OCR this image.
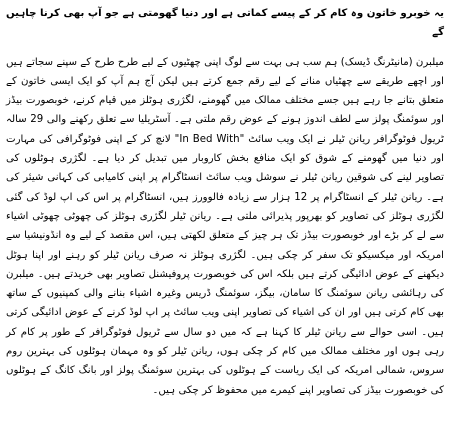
یہ خوبرو خاتون وہ کام کر کے پیسے کماتی ہے اور دنیا گھومتی ہے جو آپ بھی کرنا چاہیں گے

میلبرن (مانیٹرنگ ڈیسک) ہم سب ہی بہت سے لوگ اپنی چھٹیوں کے لیے طرح طرح کے سپنے سجاتے ہیں اور اچھے طریقے سے چھٹیاں منانے کے لیے رقم جمع کرتے ہیں لیکن آج ہم آپ کو ایک ایسی خاتون کے متعلق بتانے جا رہے ہیں جسے مختلف ممالک میں گھومنے، لگژری ہوٹلز میں قیام کرنے، خوبصورت بیڈز اور سوئمنگ پولز سے لطف اندوز ہونے کے عوض رقم ملتی ہے۔ آسٹریلیا سے تعلق رکھنے والی 29 سالہ ٹریول فوٹوگرافر ریانن ٹیلر نے ایک ویب سائٹ "In Bed With" لانچ کر کے اپنی فوٹوگرافی کی مہارت اور دنیا میں گھومنے کے شوق کو ایک منافع بخش کاروبار میں تبدیل کر دیا ہے۔ لگژری ہوٹلوں کی تصاویر لینے کی شوقین ریانن ٹیلر نے سوشل ویب سائٹ انسٹاگرام پر اپنی کامیابی کی کہانی شیئر کی ہے۔ ریانن ٹیلر کے انسٹاگرام پر 12 ہزار سے زیادہ فالوورز ہیں، انسٹاگرام پر اس کی اپ لوڈ کی گئی لگژری ہوٹلز کی تصاویر کو بھرپور پذیرائی ملتی ہے۔ ریانن ٹیلر لگژری ہوٹلز کی چھوٹی چھوٹی اشیاء سے لے کر بڑے اور خوبصورت بیڈز تک ہر چیز کے متعلق لکھتی ہیں، اس مقصد کے لیے وہ انڈونیشیا سے امریکہ اور میکسیکو تک سفر کر چکی ہیں۔ لگژری ہوٹلز نہ صرف ریانن ٹیلر کو رہنے اور اپنا ہوٹل دیکھنے کے عوض ادائیگی کرتے ہیں بلکہ اس کی خوبصورت پروفیشنل تصاویر بھی خریدتے ہیں۔ میلبرن کی رہائشی ریانن سوئمنگ کا سامان، بیگز، سوئمنگ ڈریس وغیرہ اشیاء بنانے والی کمپنیوں کے ساتھ بھی کام کرتی ہیں اور ان کی اشیاء کی تصاویر اپنی ویب سائٹ پر اپ لوڈ کرنے کے عوض ادائیگی کرتی ہیں۔ اسی حوالے سے ریانن ٹیلر کا کہنا ہے کہ میں دو سال سے ٹریول فوٹوگرافر کے طور پر کام کر رہی ہوں اور مختلف ممالک میں کام کر چکی ہوں، ریانن ٹیلر کو وہ مہمان ہوٹلوں کی بہترین روم سروس، شمالی امریکہ کی ایک ریاست کے ہوٹلوں کی بہترین سوئمنگ پولز اور بانگ کانگ کے ہوٹلوں کی خوبصورت بیڈز کی تصاویر اپنے کیمرے میں محفوظ کر چکی ہیں۔
